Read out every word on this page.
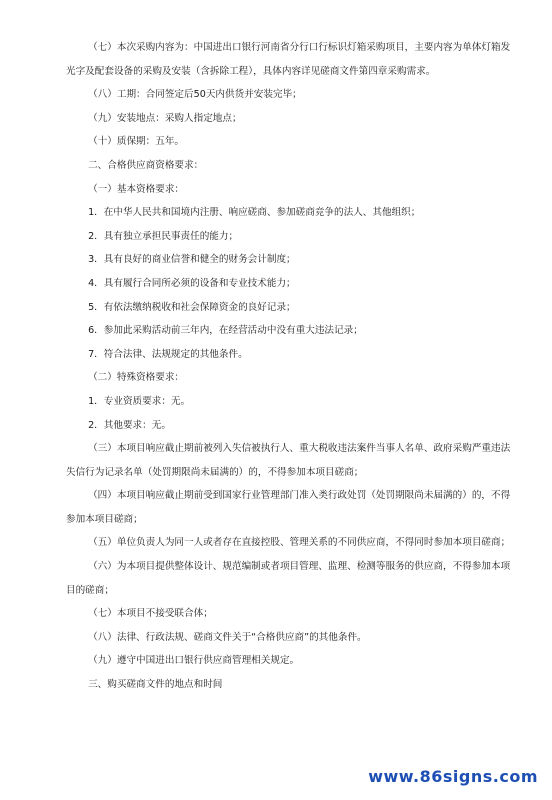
（七）本次采购内容为：中国进出口银行河南省分行口行标识灯箱采购项目，主要内容为单体灯箱发光字及配套设备的采购及安装（含拆除工程），具体内容详见磋商文件第四章采购需求。

（八）工期：合同签定后50天内供货并安装完毕；

（九）安装地点：采购人指定地点；

（十）质保期：五年。

二、合格供应商资格要求：

（一）基本资格要求：

1．在中华人民共和国境内注册、响应磋商、参加磋商竞争的法人、其他组织；

2．具有独立承担民事责任的能力；

3．具有良好的商业信誉和健全的财务会计制度；

4．具有履行合同所必须的设备和专业技术能力；

5．有依法缴纳税收和社会保障资金的良好记录；

6．参加此采购活动前三年内，在经营活动中没有重大违法记录；

7．符合法律、法规规定的其他条件。

（二）特殊资格要求：

1．专业资质要求：无。

2．其他要求：无。

（三）本项目响应截止期前被列入失信被执行人、重大税收违法案件当事人名单、政府采购严重违法失信行为记录名单（处罚期限尚未届满的）的，不得参加本项目磋商；

（四）本项目响应截止期前受到国家行业管理部门准入类行政处罚（处罚期限尚未届满的）的，不得参加本项目磋商；

（五）单位负责人为同一人或者存在直接控股、管理关系的不同供应商，不得同时参加本项目磋商；

（六）为本项目提供整体设计、规范编制或者项目管理、监理、检测等服务的供应商，不得参加本项目的磋商；

（七）本项目不接受联合体；

（八）法律、行政法规、磋商文件关于“合格供应商”的其他条件。

（九）遵守中国进出口银行供应商管理相关规定。

三、购买磋商文件的地点和时间

www.86signs.com
